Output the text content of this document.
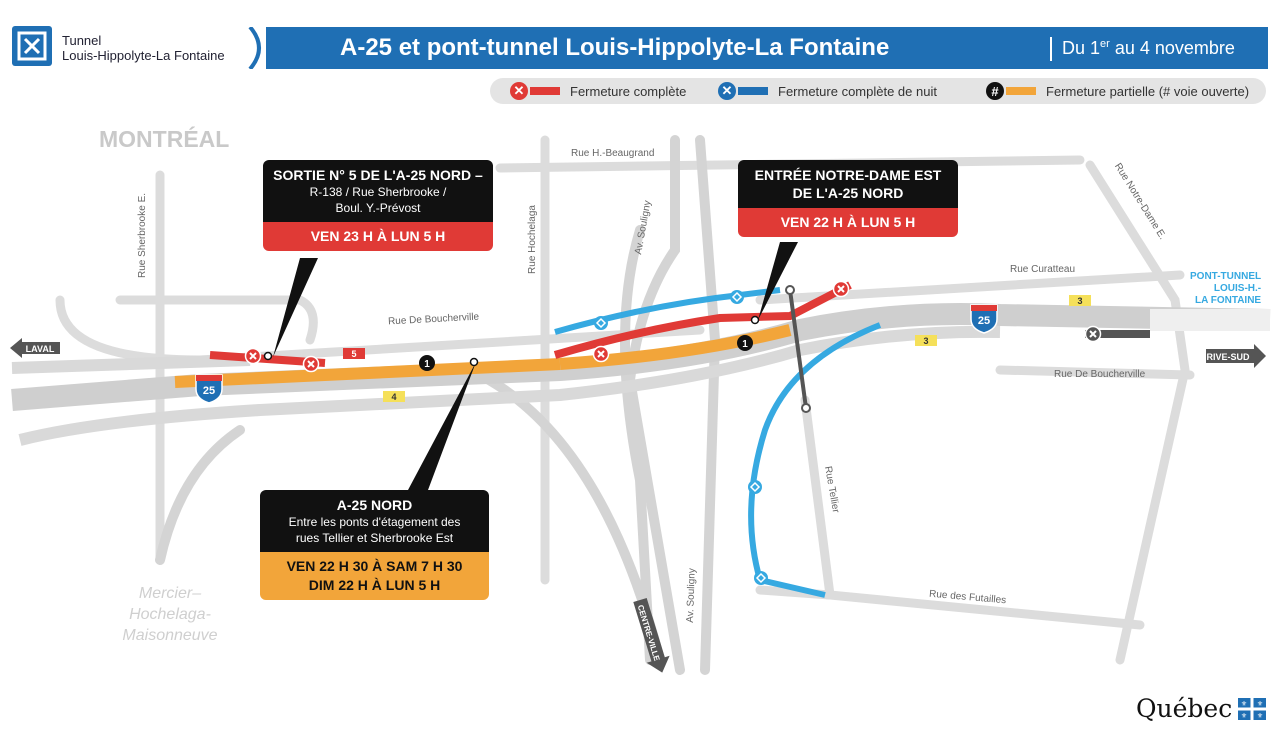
Tunnel
Louis-Hippolyte-La Fontaine	A-25 et pont-tunnel Louis-Hippolyte-La Fontaine	Du 1er au 4 novembre
✕	Fermeture complète	✕	Fermeture complète de nuit	#	Fermeture partielle (# voie ouverte)
1
1
5
4
3
3
25
25
LAVAL
RIVE-SUD
CENTRE-VILLE
MONTRÉAL
Mercier–
Hochelaga-
Maisonneuve
Rue H.-Beaugrand
Rue Sherbrooke E.	Rue Hochelaga	Av. Souligny
Av. Souligny
Rue Notre-Dame E.
Rue Curatteau
Rue De Boucherville
Rue De Boucherville
Rue Tellier
Rue des Futailles
PONT-TUNNEL
LOUIS-H.-
LA FONTAINE
SORTIE N° 5 DE L'A-25 NORD –
R-138 / Rue Sherbrooke /
Boul. Y.-Prévost
VEN 23 H À LUN 5 H
ENTRÉE NOTRE-DAME EST
DE L'A-25 NORD
VEN 22 H À LUN 5 H
A-25 NORD
Entre les ponts d'étagement des
rues Tellier et Sherbrooke Est
VEN 22 H 30 À SAM 7 H 30
DIM 22 H À LUN 5 H
Québec ⚜ ⚜
⚜ ⚜
